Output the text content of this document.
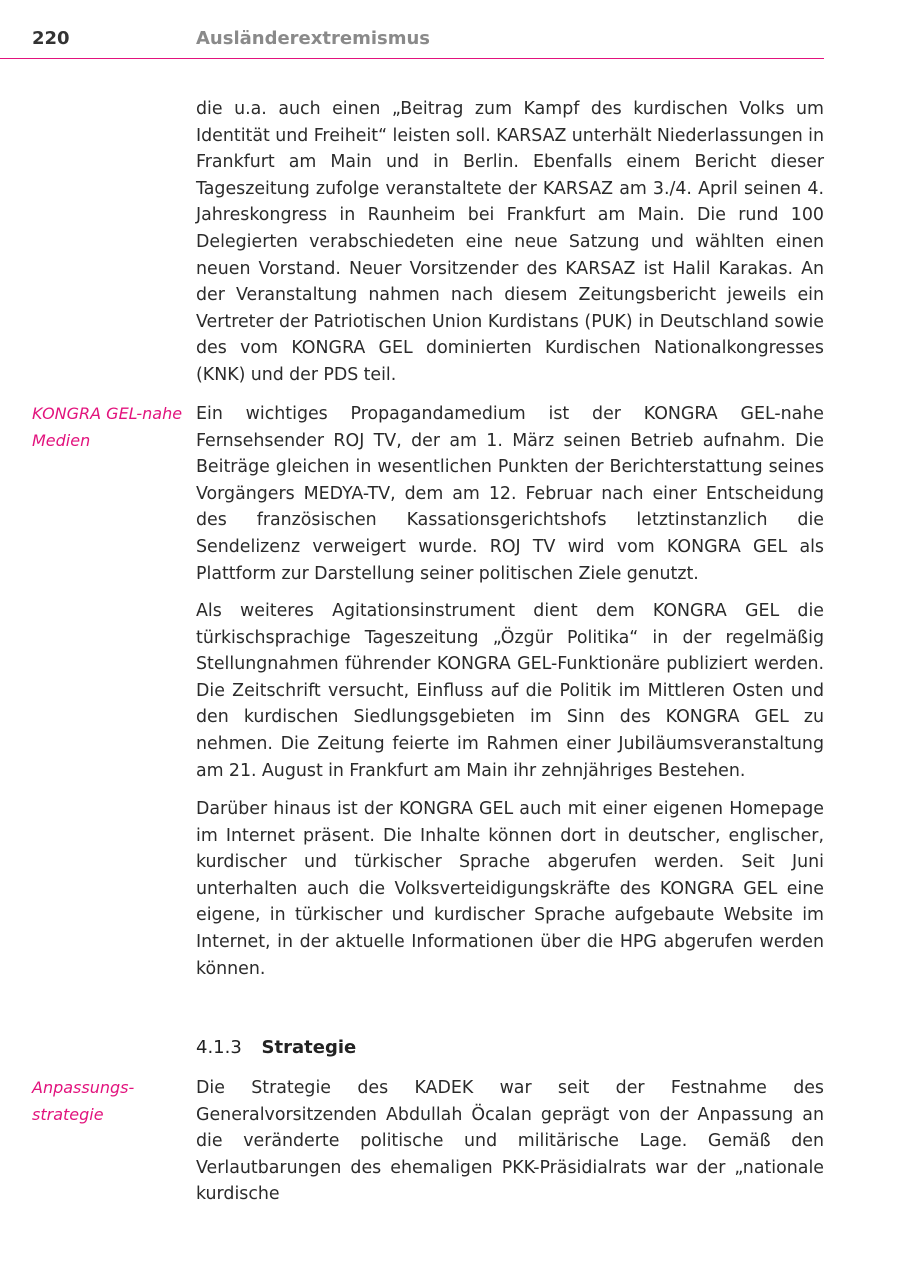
220	Ausländerextremismus

die u.a. auch einen „Beitrag zum Kampf des kurdischen Volks um Identität und Freiheit“ leisten soll. KARSAZ unterhält Niederlassungen in Frankfurt am Main und in Berlin. Ebenfalls einem Bericht dieser Tageszeitung zufolge veranstaltete der KARSAZ am 3./4. April seinen 4. Jahreskongress in Raunheim bei Frankfurt am Main. Die rund 100 Delegierten verabschiedeten eine neue Satzung und wählten einen neuen Vorstand. Neuer Vorsitzender des KARSAZ ist Halil Karakas. An der Veranstaltung nahmen nach diesem Zeitungsbericht jeweils ein Vertreter der Patriotischen Union Kurdistans (PUK) in Deutschland sowie des vom KONGRA GEL dominierten Kurdischen Nationalkongresses (KNK) und der PDS teil.

KONGRA GEL-nahe Medien

Ein wichtiges Propagandamedium ist der KONGRA GEL-nahe Fernsehsender ROJ TV, der am 1. März seinen Betrieb aufnahm. Die Beiträge gleichen in wesentlichen Punkten der Berichterstattung seines Vorgängers MEDYA-TV, dem am 12. Februar nach einer Entscheidung des französischen Kassationsgerichtshofs letztinstanzlich die Sendelizenz verweigert wurde. ROJ TV wird vom KONGRA GEL als Plattform zur Darstellung seiner politischen Ziele genutzt.

Als weiteres Agitationsinstrument dient dem KONGRA GEL die türkischsprachige Tageszeitung „Özgür Politika“ in der regelmäßig Stellungnahmen führender KONGRA GEL-Funktionäre publiziert werden. Die Zeitschrift versucht, Einfluss auf die Politik im Mittleren Osten und den kurdischen Siedlungsgebieten im Sinn des KONGRA GEL zu nehmen. Die Zeitung feierte im Rahmen einer Jubiläumsveranstaltung am 21. August in Frankfurt am Main ihr zehnjähriges Bestehen.

Darüber hinaus ist der KONGRA GEL auch mit einer eigenen Homepage im Internet präsent. Die Inhalte können dort in deutscher, englischer, kurdischer und türkischer Sprache abgerufen werden. Seit Juni unterhalten auch die Volksverteidigungskräfte des KONGRA GEL eine eigene, in türkischer und kurdischer Sprache aufgebaute Website im Internet, in der aktuelle Informationen über die HPG abgerufen werden können.

4.1.3 Strategie
Anpassungs- strategie

Die Strategie des KADEK war seit der Festnahme des Generalvorsitzenden Abdullah Öcalan geprägt von der Anpassung an die veränderte politische und militärische Lage. Gemäß den Verlautbarungen des ehemaligen PKK-Präsidialrats war der „nationale kurdische
